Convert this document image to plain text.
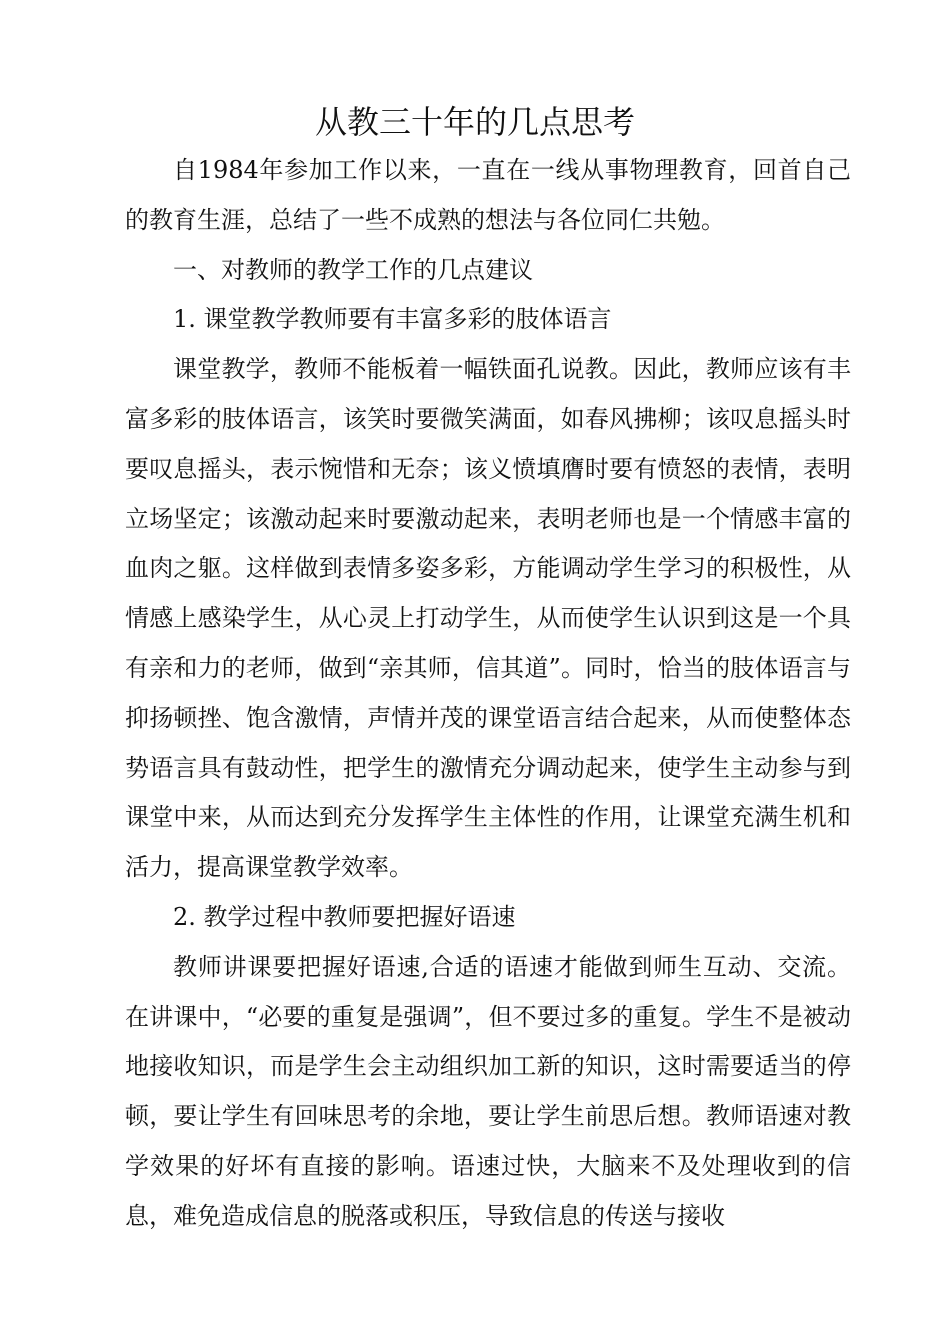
从教三十年的几点思考

自1984年参加工作以来，一直在一线从事物理教育，回首自己的教育生涯，总结了一些不成熟的想法与各位同仁共勉。

一、对教师的教学工作的几点建议

1. 课堂教学教师要有丰富多彩的肢体语言

课堂教学，教师不能板着一幅铁面孔说教。因此，教师应该有丰富多彩的肢体语言，该笑时要微笑满面，如春风拂柳；该叹息摇头时要叹息摇头，表示惋惜和无奈；该义愤填膺时要有愤怒的表情，表明立场坚定；该激动起来时要激动起来，表明老师也是一个情感丰富的血肉之躯。这样做到表情多姿多彩，方能调动学生学习的积极性，从情感上感染学生，从心灵上打动学生，从而使学生认识到这是一个具有亲和力的老师，做到“亲其师，信其道”。同时，恰当的肢体语言与抑扬顿挫、饱含激情，声情并茂的课堂语言结合起来，从而使整体态势语言具有鼓动性，把学生的激情充分调动起来，使学生主动参与到课堂中来，从而达到充分发挥学生主体性的作用，让课堂充满生机和活力，提高课堂教学效率。

2. 教学过程中教师要把握好语速

教师讲课要把握好语速,合适的语速才能做到师生互动、交流。在讲课中，“必要的重复是强调”，但不要过多的重复。学生不是被动地接收知识，而是学生会主动组织加工新的知识，这时需要适当的停顿，要让学生有回味思考的余地，要让学生前思后想。教师语速对教学效果的好坏有直接的影响。语速过快，大脑来不及处理收到的信息，难免造成信息的脱落或积压，导致信息的传送与接收
